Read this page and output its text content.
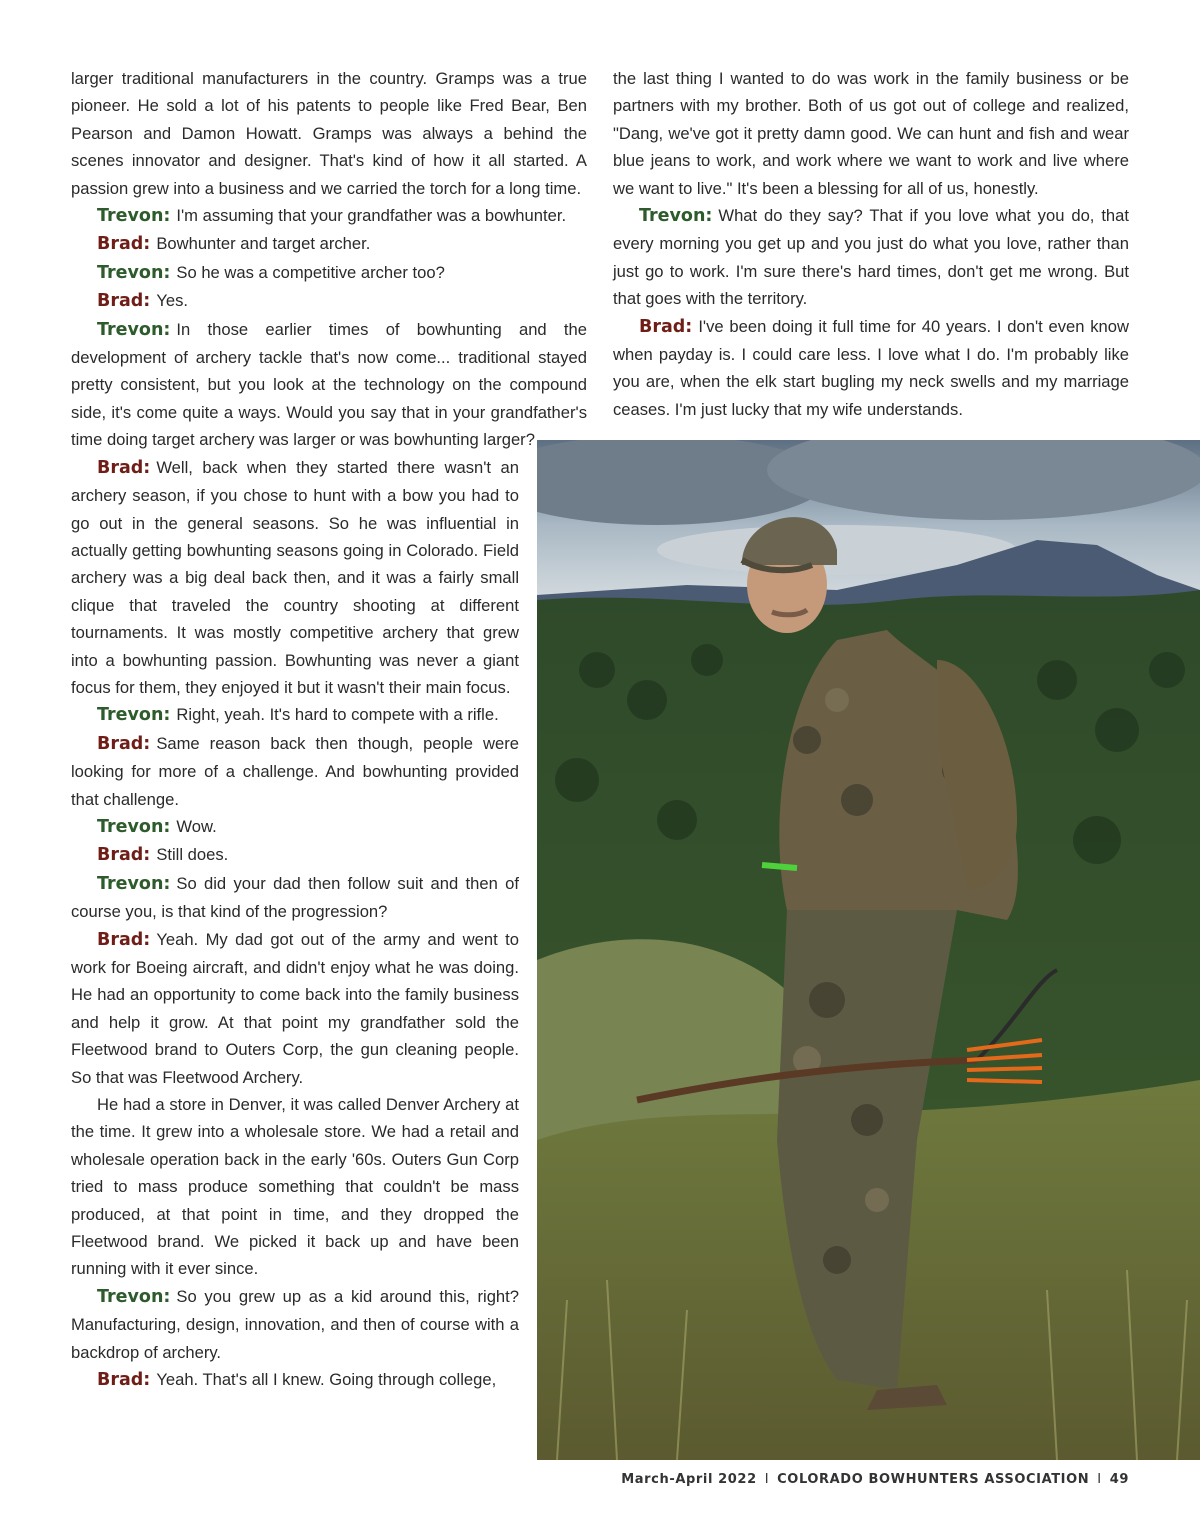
larger traditional manufacturers in the country. Gramps was a true pioneer. He sold a lot of his patents to people like Fred Bear, Ben Pearson and Damon Howatt. Gramps was always a behind the scenes innovator and designer. That's kind of how it all started. A passion grew into a business and we carried the torch for a long time.

Trevon: I'm assuming that your grandfather was a bowhunter.

Brad: Bowhunter and target archer.

Trevon: So he was a competitive archer too?

Brad: Yes.

Trevon: In those earlier times of bowhunting and the development of archery tackle that's now come... traditional stayed pretty consistent, but you look at the technology on the compound side, it's come quite a ways. Would you say that in your grandfather's time doing target archery was larger or was bowhunting larger?

Brad: Well, back when they started there wasn't an archery season, if you chose to hunt with a bow you had to go out in the general seasons. So he was influential in actually getting bowhunting seasons going in Colorado. Field archery was a big deal back then, and it was a fairly small clique that traveled the country shooting at different tournaments. It was mostly competitive archery that grew into a bowhunting passion. Bowhunting was never a giant focus for them, they enjoyed it but it wasn't their main focus.

Trevon: Right, yeah. It's hard to compete with a rifle.

Brad: Same reason back then though, people were looking for more of a challenge. And bowhunting provided that challenge.

Trevon: Wow.

Brad: Still does.

Trevon: So did your dad then follow suit and then of course you, is that kind of the progression?

Brad: Yeah. My dad got out of the army and went to work for Boeing aircraft, and didn't enjoy what he was doing. He had an opportunity to come back into the family business and help it grow. At that point my grandfather sold the Fleetwood brand to Outers Corp, the gun cleaning people. So that was Fleetwood Archery.

He had a store in Denver, it was called Denver Archery at the time. It grew into a wholesale store. We had a retail and wholesale operation back in the early '60s. Outers Gun Corp tried to mass produce something that couldn't be mass produced, at that point in time, and they dropped the Fleetwood brand. We picked it back up and have been running with it ever since.

Trevon: So you grew up as a kid around this, right? Manufacturing, design, innovation, and then of course with a backdrop of archery.

Brad: Yeah. That's all I knew. Going through college,

the last thing I wanted to do was work in the family business or be partners with my brother. Both of us got out of college and realized, "Dang, we've got it pretty damn good. We can hunt and fish and wear blue jeans to work, and work where we want to work and live where we want to live." It's been a blessing for all of us, honestly.

Trevon: What do they say? That if you love what you do, that every morning you get up and you just do what you love, rather than just go to work. I'm sure there's hard times, don't get me wrong. But that goes with the territory.

Brad: I've been doing it full time for 40 years. I don't even know when payday is. I could care less. I love what I do. I'm probably like you are, when the elk start bugling my neck swells and my marriage ceases. I'm just lucky that my wife understands.

March-April 2022 I COLORADO BOWHUNTERS ASSOCIATION I 49
